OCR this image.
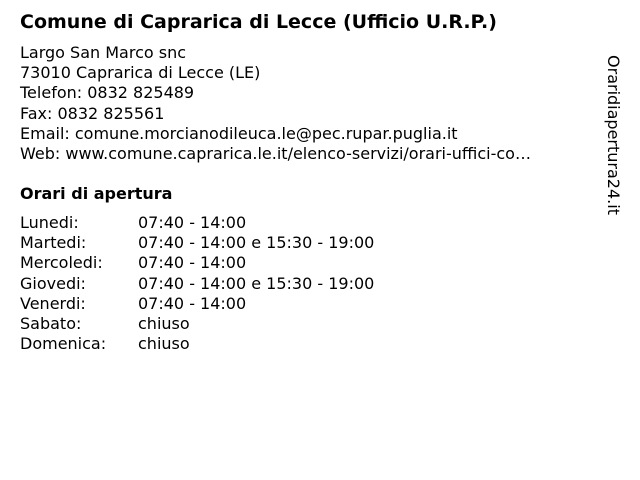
Comune di Caprarica di Lecce (Ufficio U.R.P.)
Largo San Marco snc
73010 Caprarica di Lecce (LE)
Telefon: 0832 825489
Fax: 0832 825561
Email: comune.morcianodileuca.le@pec.rupar.puglia.it
Web: www.comune.caprarica.le.it/elenco-servizi/orari-uffici-co…
Orari di apertura
Lunedi:	07:40 - 14:00
Martedi:	07:40 - 14:00 e 15:30 - 19:00
Mercoledi: 07:40 - 14:00
Giovedi:	07:40 - 14:00 e 15:30 - 19:00
Venerdi:	07:40 - 14:00
Sabato:	chiuso
Domenica: chiuso
Oraridiapertura24.it
